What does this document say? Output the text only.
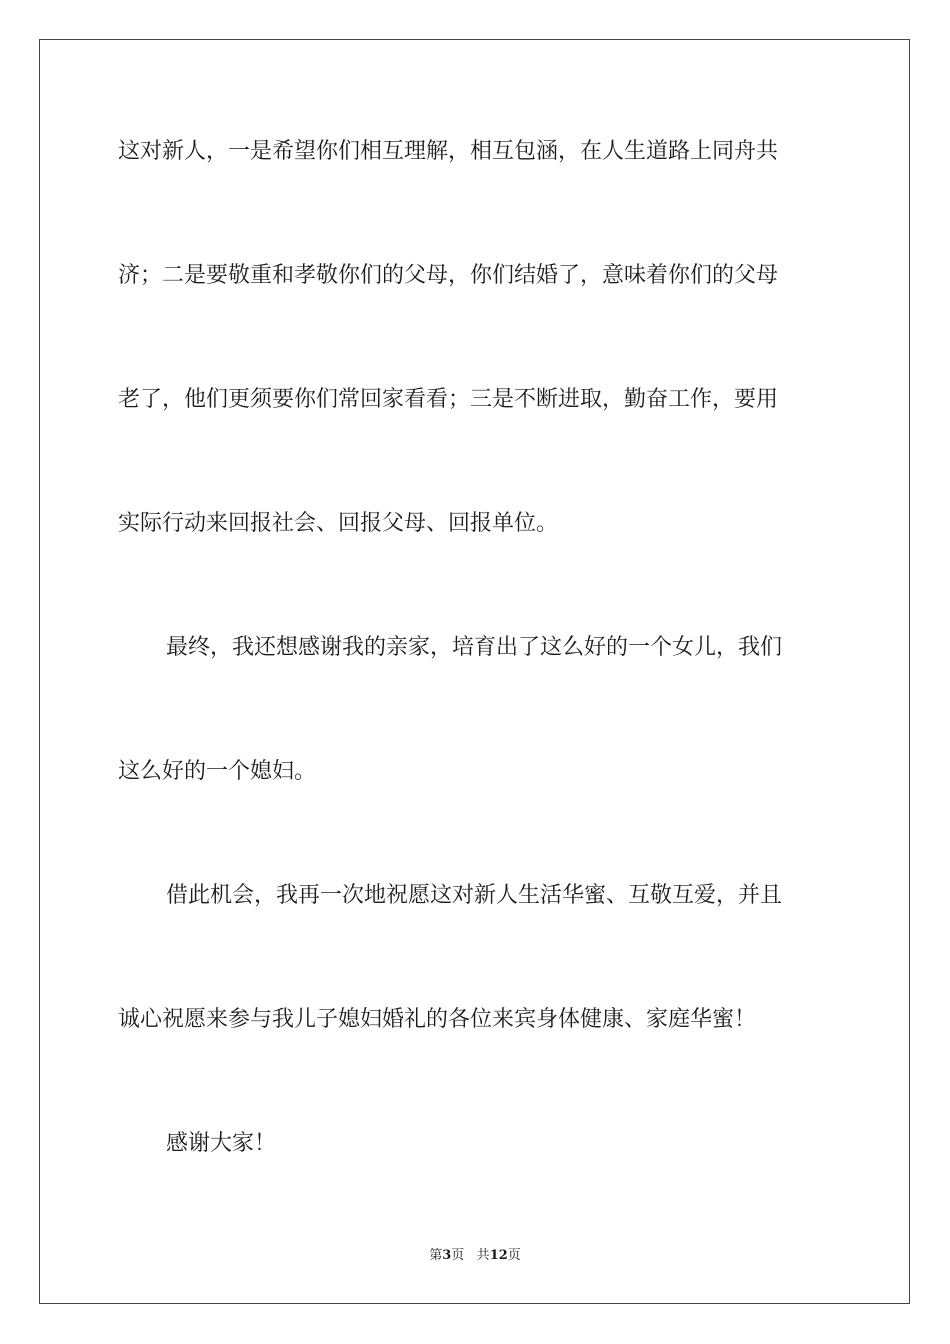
这对新人，一是希望你们相互理解，相互包涵，在人生道路上同舟共
济；二是要敬重和孝敬你们的父母，你们结婚了，意味着你们的父母
老了，他们更须要你们常回家看看；三是不断进取，勤奋工作，要用
实际行动来回报社会、回报父母、回报单位。
最终，我还想感谢我的亲家，培育出了这么好的一个女儿，我们
这么好的一个媳妇。
借此机会，我再一次地祝愿这对新人生活华蜜、互敬互爱，并且
诚心祝愿来参与我儿子媳妇婚礼的各位来宾身体健康、家庭华蜜！
感谢大家！
第3页 共12页
